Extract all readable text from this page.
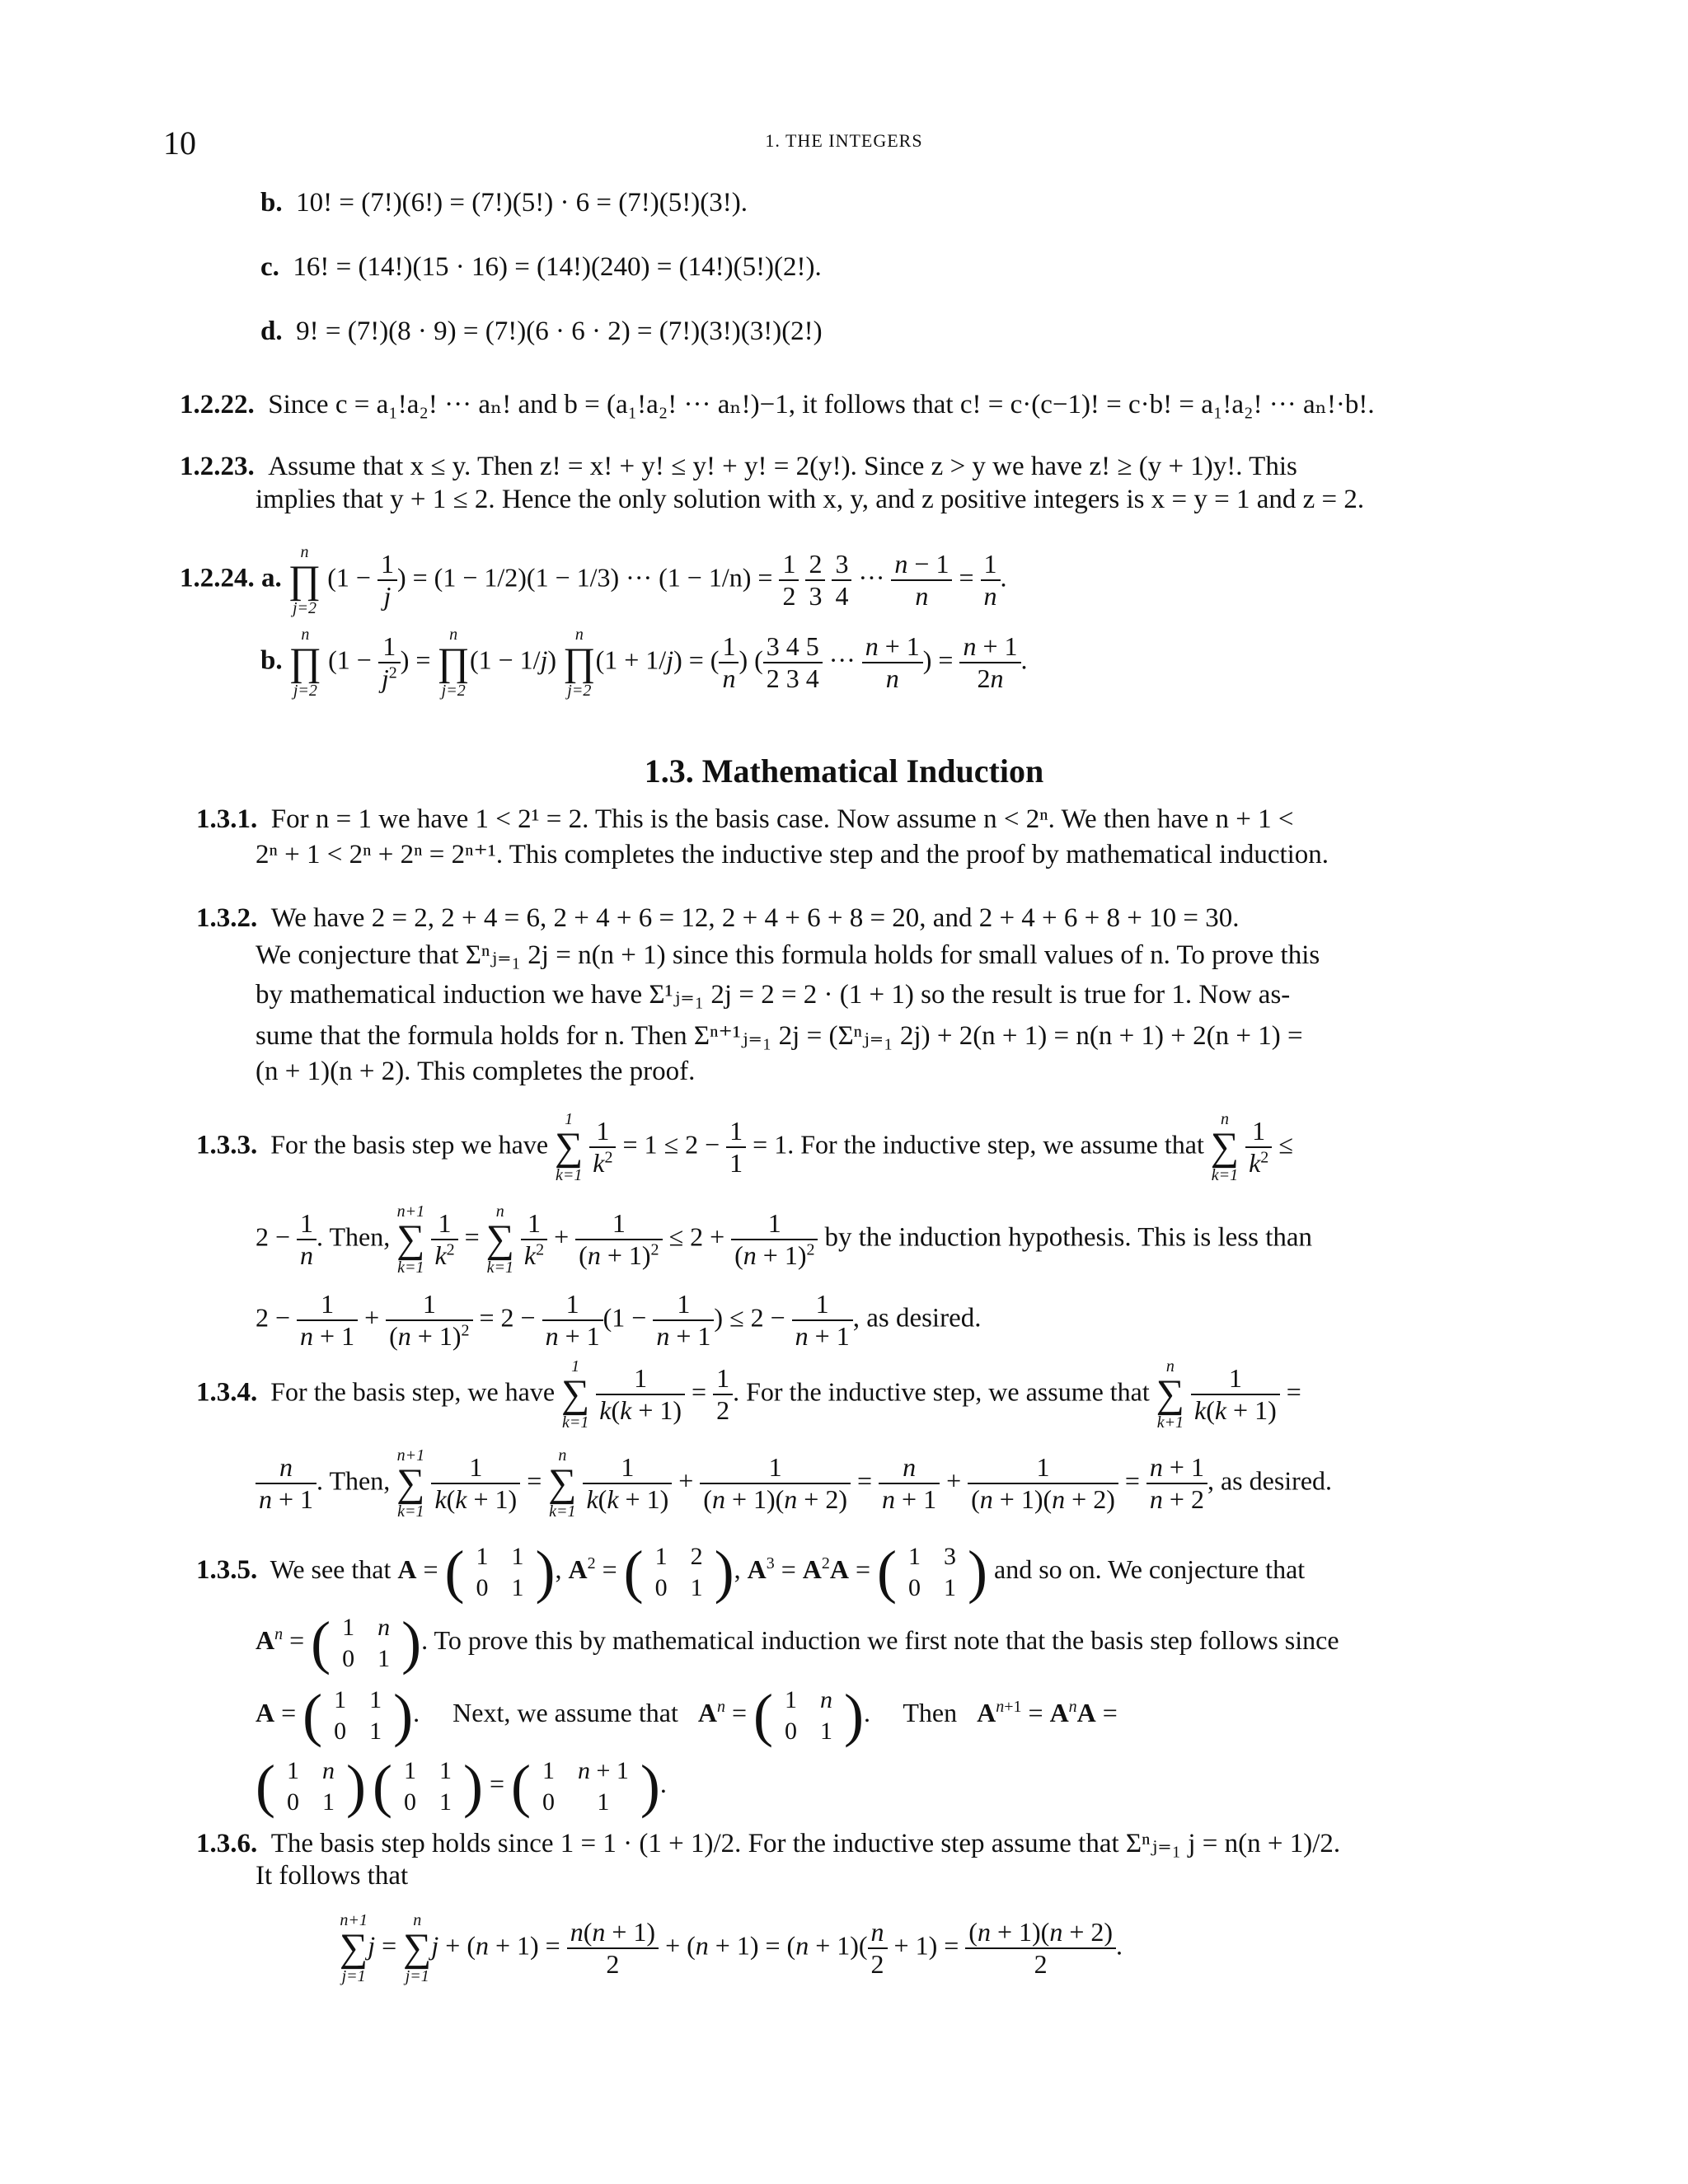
10	1. THE INTEGERS
b. 10! = (7!)(6!) = (7!)(5!) · 6 = (7!)(5!)(3!).
c. 16! = (14!)(15 · 16) = (14!)(240) = (14!)(5!)(2!).
d. 9! = (7!)(8 · 9) = (7!)(6 · 6 · 2) = (7!)(3!)(3!)(2!)
1.2.22. Since c = a₁!a₂! ··· aₙ! and b = (a₁!a₂! ··· aₙ!)−1, it follows that c! = c·(c−1)! = c·b! = a₁!a₂! ··· aₙ!·b!.
1.2.23. Assume that x ≤ y. Then z! = x! + y! ≤ y! + y! = 2(y!). Since z > y we have z! ≥ (y + 1)y!. This
implies that y + 1 ≤ 2. Hence the only solution with x, y, and z positive integers is x = y = 1 and z = 2.
1.2.24. a.
n
∏
j=2
($1 - \frac{1}{j}$ ) = (1 − 1/2)(1 − 1/3) ··· $(1 - 1/n) = \frac{1}{2}$
$\frac{2}{3}$
$\frac{3}{4}$ ··· $\frac{n - 1}{n} = \frac{1}{n}$ .
b.
n
∏
j=2
($1 - \frac{1}{j^2}$ ) =
n
∏
j=2
(1 − 1/j)
n
∏
j=2
(1 + 1/j) = ( $\frac{1}{n}$ ) ( $\frac{3}{2} \frac{4}{3} \frac{5}{4}$ ··· $\frac{n + 1}{n}$ ) = $\frac{n + 1}{2n}$ .
1.3. Mathematical Induction
1.3.1. For n = 1 we have 1 < 2¹ = 2. This is the basis case. Now assume n < 2ⁿ. We then have n + 1 <
2ⁿ + 1 < 2ⁿ + 2ⁿ = 2ⁿ⁺¹. This completes the inductive step and the proof by mathematical induction.
1.3.2. We have 2 = 2, 2 + 4 = 6, 2 + 4 + 6 = 12, 2 + 4 + 6 + 8 = 20, and 2 + 4 + 6 + 8 + 10 = 30.
We conjecture that Σⁿⱼ₌₁ 2j = n(n + 1) since this formula holds for small values of n. To prove this
by mathematical induction we have Σ¹ⱼ₌₁ 2j = 2 = 2 · (1 + 1) so the result is true for 1. Now as-
sume that the formula holds for n. Then Σⁿ⁺¹ⱼ₌₁ 2j = (Σⁿⱼ₌₁ 2j) + 2(n + 1) = n(n + 1) + 2(n + 1) =
(n + 1)(n + 2). This completes the proof.
1.3.3. For the basis step we have
1
∑
k=1
$\frac{1}{k^2} = 1 \le 2 - \frac{1}{1} = 1$. For the inductive step, we assume that
n
∑
k=1
$\frac{1}{k^2}$ ≤
$2 - \frac{1}{n}$ . Then,
n+1
∑
k=1
$\frac{1}{k^2}$ =
n
∑
k=1
$\frac{1}{k^2} + \frac{1}{(n + 1)^2} \le 2 + \frac{1}{(n + 1)^2}$ by the induction hypothesis. This is less than
$2 - \frac{1}{n + 1} + \frac{1}{(n + 1)^2} = 2 - \frac{1}{n + 1} (1 - \frac{1}{n + 1}$ ) ≤ $2 - \frac{1}{n + 1}$ , as desired.
1.3.4. For the basis step, we have
1
∑
k=1
$\frac{1}{k(k + 1)} = \frac{1}{2}$ . For the inductive step, we assume that
n
∑
k+1
$\frac{1}{k(k + 1)}$ =
$\frac{n}{n + 1}$ . Then,
n+1
∑
k=1
$\frac{1}{k(k + 1)}$ =
n
∑
k=1
$\frac{1}{k(k + 1)} + \frac{1}{(n + 1)(n + 2)} = \frac{n}{n + 1} + \frac{1}{(n + 1)(n + 2)} = \frac{n + 1}{n + 2}$ , as desired.
1.3.5. We see that A = ( 1	1
0	1 ), $A^2$ = ( 1	2
0	1 ), $A^3 = A^2A$ = ( 1	3
0	1 ) and so on. We conjecture that
$A^n$ = ( 1	n
0	1 ). To prove this by mathematical induction we first note that the basis step follows since
A = ( 1	1
0	1 ).     Next, we assume that $A^n$ = ( 1	n
0	1 ).     Then $A^{n+1} = A^nA$ =
( 1	n
0	1 ) ( 1	1
0	1 ) = ( 1	n + 1
0	1 ).
1.3.6. The basis step holds since 1 = 1 · (1 + 1)/2. For the inductive step assume that Σⁿⱼ₌₁ j = n(n + 1)/2.
It follows that
n+1
∑
j=1
j =
n
∑
j=1
$j + (n + 1) = \frac{n(n + 1)}{2} + (n + 1) = (n + 1)( \frac{n}{2} + 1) = \frac{(n + 1)(n + 2)}{2}$ .
